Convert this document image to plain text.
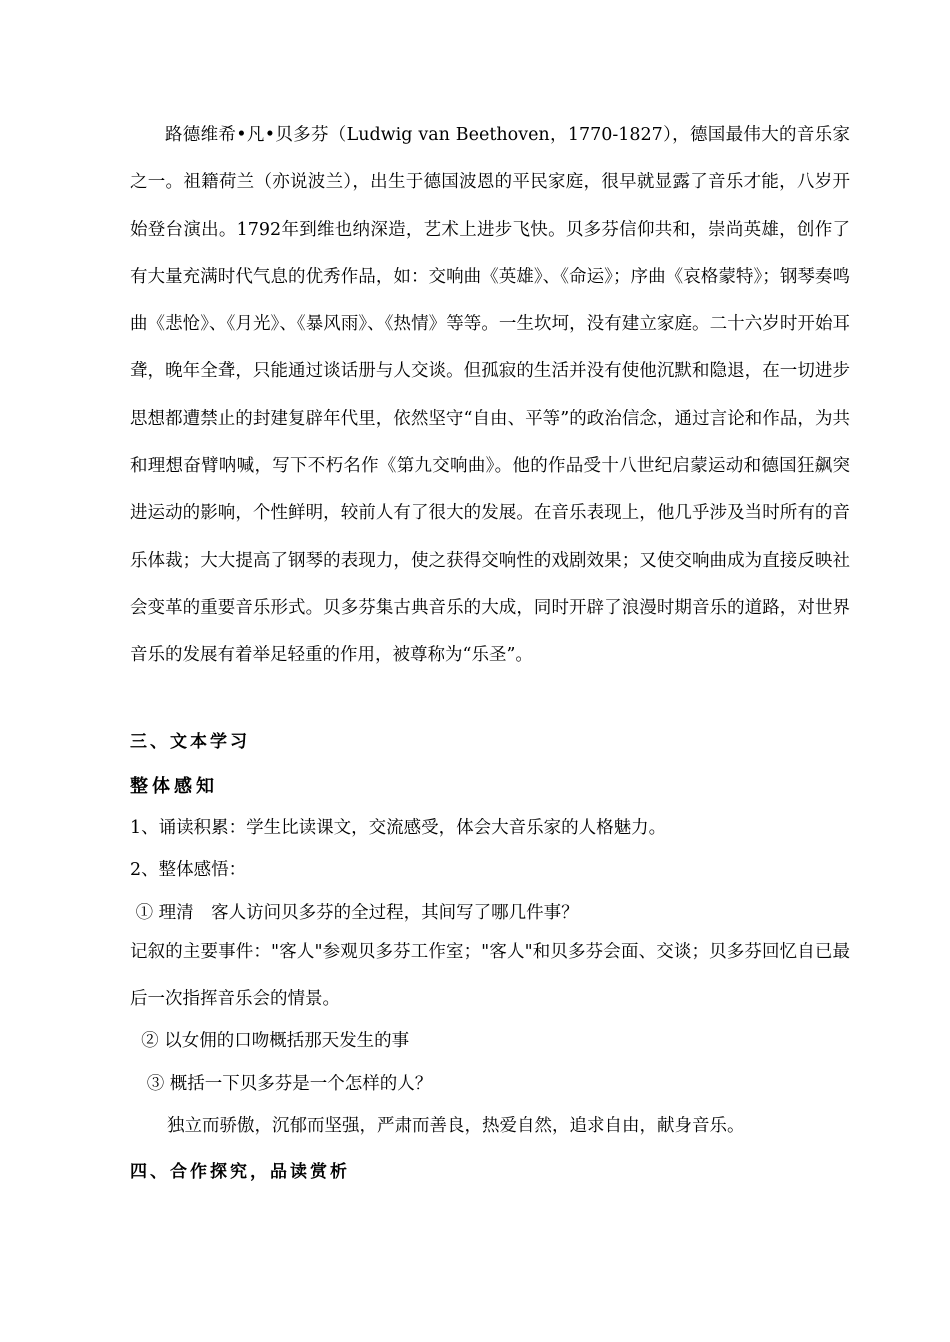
路德维希•凡•贝多芬（Ludwig van Beethoven，1770-1827），德国最伟大的音乐家之一。祖籍荷兰（亦说波兰），出生于德国波恩的平民家庭，很早就显露了音乐才能，八岁开始登台演出。1792年到维也纳深造，艺术上进步飞快。贝多芬信仰共和，崇尚英雄，创作了有大量充满时代气息的优秀作品，如：交响曲《英雄》、《命运》；序曲《哀格蒙特》；钢琴奏鸣曲《悲怆》、《月光》、《暴风雨》、《热情》等等。一生坎坷，没有建立家庭。二十六岁时开始耳聋，晚年全聋，只能通过谈话册与人交谈。但孤寂的生活并没有使他沉默和隐退，在一切进步思想都遭禁止的封建复辟年代里，依然坚守“自由、平等”的政治信念，通过言论和作品，为共和理想奋臂呐喊，写下不朽名作《第九交响曲》。他的作品受十八世纪启蒙运动和德国狂飙突进运动的影响，个性鲜明，较前人有了很大的发展。在音乐表现上，他几乎涉及当时所有的音乐体裁；大大提高了钢琴的表现力，使之获得交响性的戏剧效果；又使交响曲成为直接反映社会变革的重要音乐形式。贝多芬集古典音乐的大成，同时开辟了浪漫时期音乐的道路，对世界音乐的发展有着举足轻重的作用，被尊称为“乐圣”。

三、文本学习

整体感知

1、诵读积累：学生比读课文，交流感受，体会大音乐家的人格魅力。

2、整体感悟：

① 理清　客人访问贝多芬的全过程，其间写了哪几件事？

记叙的主要事件："客人"参观贝多芬工作室；"客人"和贝多芬会面、交谈；贝多芬回忆自已最后一次指挥音乐会的情景。

② 以女佣的口吻概括那天发生的事

③ 概括一下贝多芬是一个怎样的人？

独立而骄傲，沉郁而坚强，严肃而善良，热爱自然，追求自由，献身音乐。

四、合作探究，品读赏析
